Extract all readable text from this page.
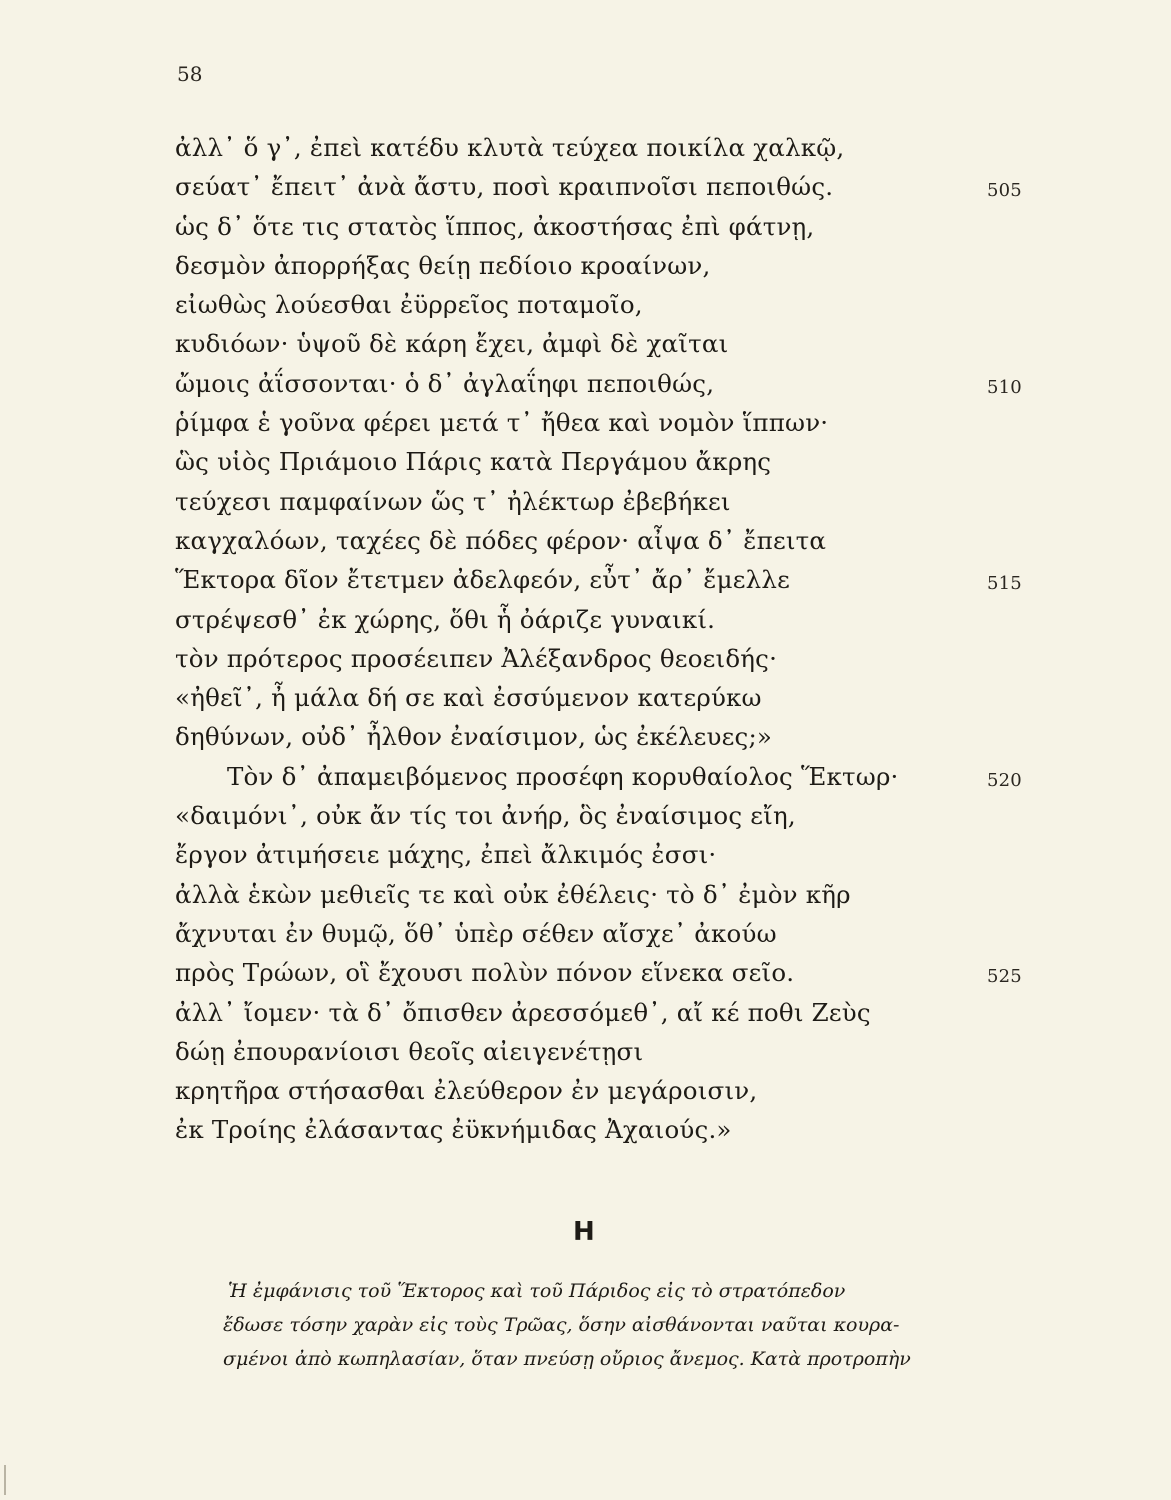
58
ἀλλ᾽ ὅ γ᾽, ἐπεὶ κατέδυ κλυτὰ τεύχεα ποικίλα χαλκῷ,
σεύατ᾽ ἔπειτ᾽ ἀνὰ ἄστυ, ποσὶ κραιπνοῖσι πεποιθώς.	505
ὡς δ᾽ ὅτε τις στατὸς ἵππος, ἀκοστήσας ἐπὶ φάτνῃ,
δεσμὸν ἀπορρήξας θείῃ πεδίοιο κροαίνων,
εἰωθὼς λούεσθαι ἐϋρρεῖος ποταμοῖο,
κυδιόων· ὑψοῦ δὲ κάρη ἔχει, ἀμφὶ δὲ χαῖται
ὤμοις ἀΐσσονται· ὁ δ᾽ ἀγλαΐηφι πεποιθώς,	510
ῥίμφα ἑ γοῦνα φέρει μετά τ᾽ ἤθεα καὶ νομὸν ἵππων·
ὣς υἱὸς Πριάμοιο Πάρις κατὰ Περγάμου ἄκρης
τεύχεσι παμφαίνων ὥς τ᾽ ἠλέκτωρ ἐβεβήκει
καγχαλόων, ταχέες δὲ πόδες φέρον· αἶψα δ᾽ ἔπειτα
Ἕκτορα δῖον ἔτετμεν ἀδελφεόν, εὖτ᾽ ἄρ᾽ ἔμελλε	515
στρέψεσθ᾽ ἐκ χώρης, ὅθι ἧ ὀάριζε γυναικί.
τὸν πρότερος προσέειπεν Ἀλέξανδρος θεοειδής·
«ἠθεῖ᾽, ἦ μάλα δή σε καὶ ἐσσύμενον κατερύκω
δηθύνων, οὐδ᾽ ἦλθον ἐναίσιμον, ὡς ἐκέλευες;»
Τὸν δ᾽ ἀπαμειβόμενος προσέφη κορυθαίολος Ἕκτωρ·	520
«δαιμόνι᾽, οὐκ ἄν τίς τοι ἀνήρ, ὃς ἐναίσιμος εἴη,
ἔργον ἀτιμήσειε μάχης, ἐπεὶ ἄλκιμός ἐσσι·
ἀλλὰ ἑκὼν μεθιεῖς τε καὶ οὐκ ἐθέλεις· τὸ δ᾽ ἐμὸν κῆρ
ἄχνυται ἐν θυμῷ, ὅθ᾽ ὑπὲρ σέθεν αἴσχε᾽ ἀκούω
πρὸς Τρώων, οἳ ἔχουσι πολὺν πόνον εἵνεκα σεῖο.	525
ἀλλ᾽ ἴομεν· τὰ δ᾽ ὄπισθεν ἀρεσσόμεθ᾽, αἴ κέ ποθι Ζεὺς
δώῃ ἐπουρανίοισι θεοῖς αἰειγενέτῃσι
κρητῆρα στήσασθαι ἐλεύθερον ἐν μεγάροισιν,
ἐκ Τροίης ἐλάσαντας ἐϋκνήμιδας Ἀχαιούς.»
Η
Ἡ ἐμφάνισις τοῦ Ἕκτορος καὶ τοῦ Πάριδος εἰς τὸ στρατόπεδον
ἔδωσε τόσην χαρὰν εἰς τοὺς Τρῶας, ὅσην αἰσθάνονται ναῦται κουρα-
σμένοι ἀπὸ κωπηλασίαν, ὅταν πνεύσῃ οὔριος ἄνεμος. Κατὰ προτροπὴν
